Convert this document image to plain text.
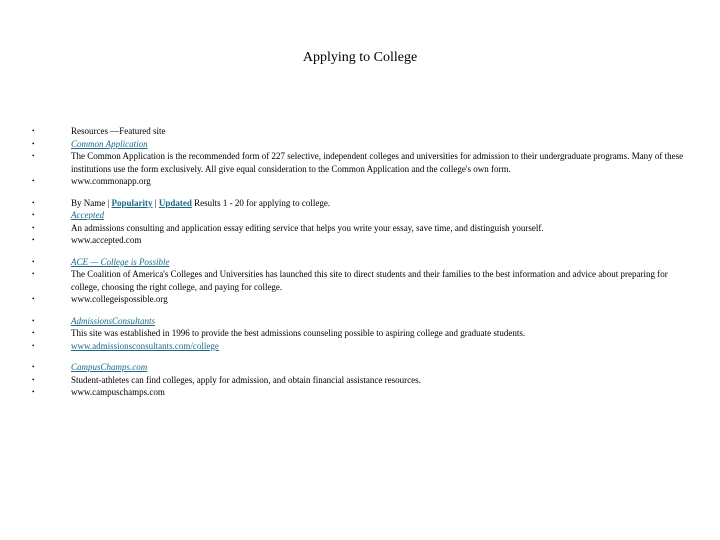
Applying to College
•	Resources —Featured site
•	Common Application
•	The Common Application is the recommended form of 227 selective, independent colleges and universities for admission to their undergraduate programs. Many of these institutions use the form exclusively. All give equal consideration to the Common Application and the college's own form.
•	www.commonapp.org
•	By Name | Popularity | Updated Results 1 - 20 for applying to college.
•	Accepted
•	An admissions consulting and application essay editing service that helps you write your essay, save time, and distinguish yourself.
•	www.accepted.com
•	ACE — College is Possible
•	The Coalition of America's Colleges and Universities has launched this site to direct students and their families to the best information and advice about preparing for college, choosing the right college, and paying for college.
•	www.collegeispossible.org
•	AdmissionsConsultants
•	This site was established in 1996 to provide the best admissions counseling possible to aspiring college and graduate students.
•	www.admissionsconsultants.com/college
•	CampusChamps.com
•	Student-athletes can find colleges, apply for admission, and obtain financial assistance resources.
•	www.campuschamps.com
